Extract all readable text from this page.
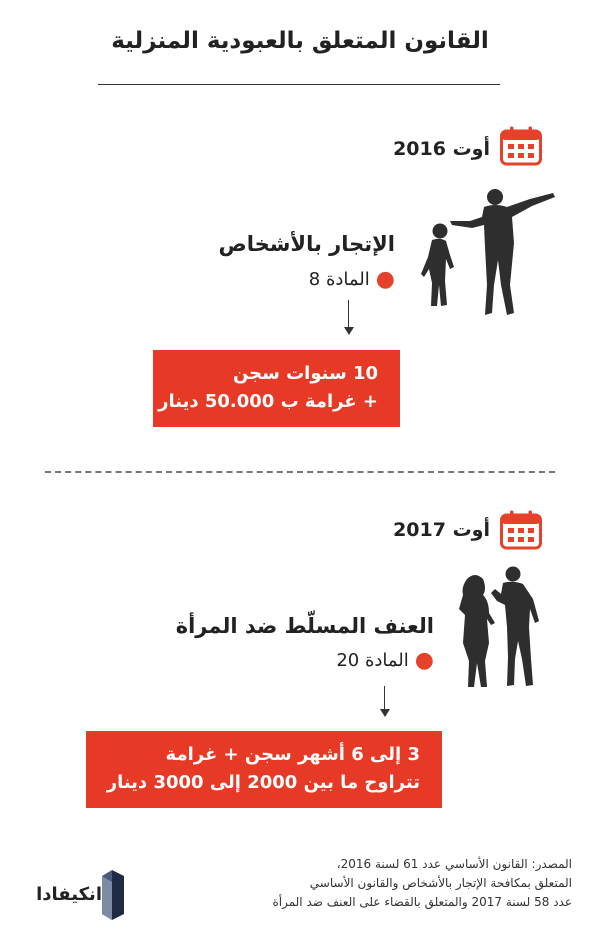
القانون المتعلق بالعبودية المنزلية
أوت 2016
الإتجار بالأشخاص
●المادة 8
10 سنوات سجن
+ غرامة ب 50.000 دينار
أوت 2017
العنف المسلّط ضد المرأة
●المادة 20
3 إلى 6 أشهر سجن + غرامة
تتراوح ما بين 2000 إلى 3000 دينار
انكيفادا
المصدر: القانون الأساسي عدد 61 لسنة 2016،
المتعلق بمكافحة الإتجار بالأشخاص والقانون الأساسي
عدد 58 لسنة 2017 والمتعلق بالقضاء على العنف ضد المرأة
